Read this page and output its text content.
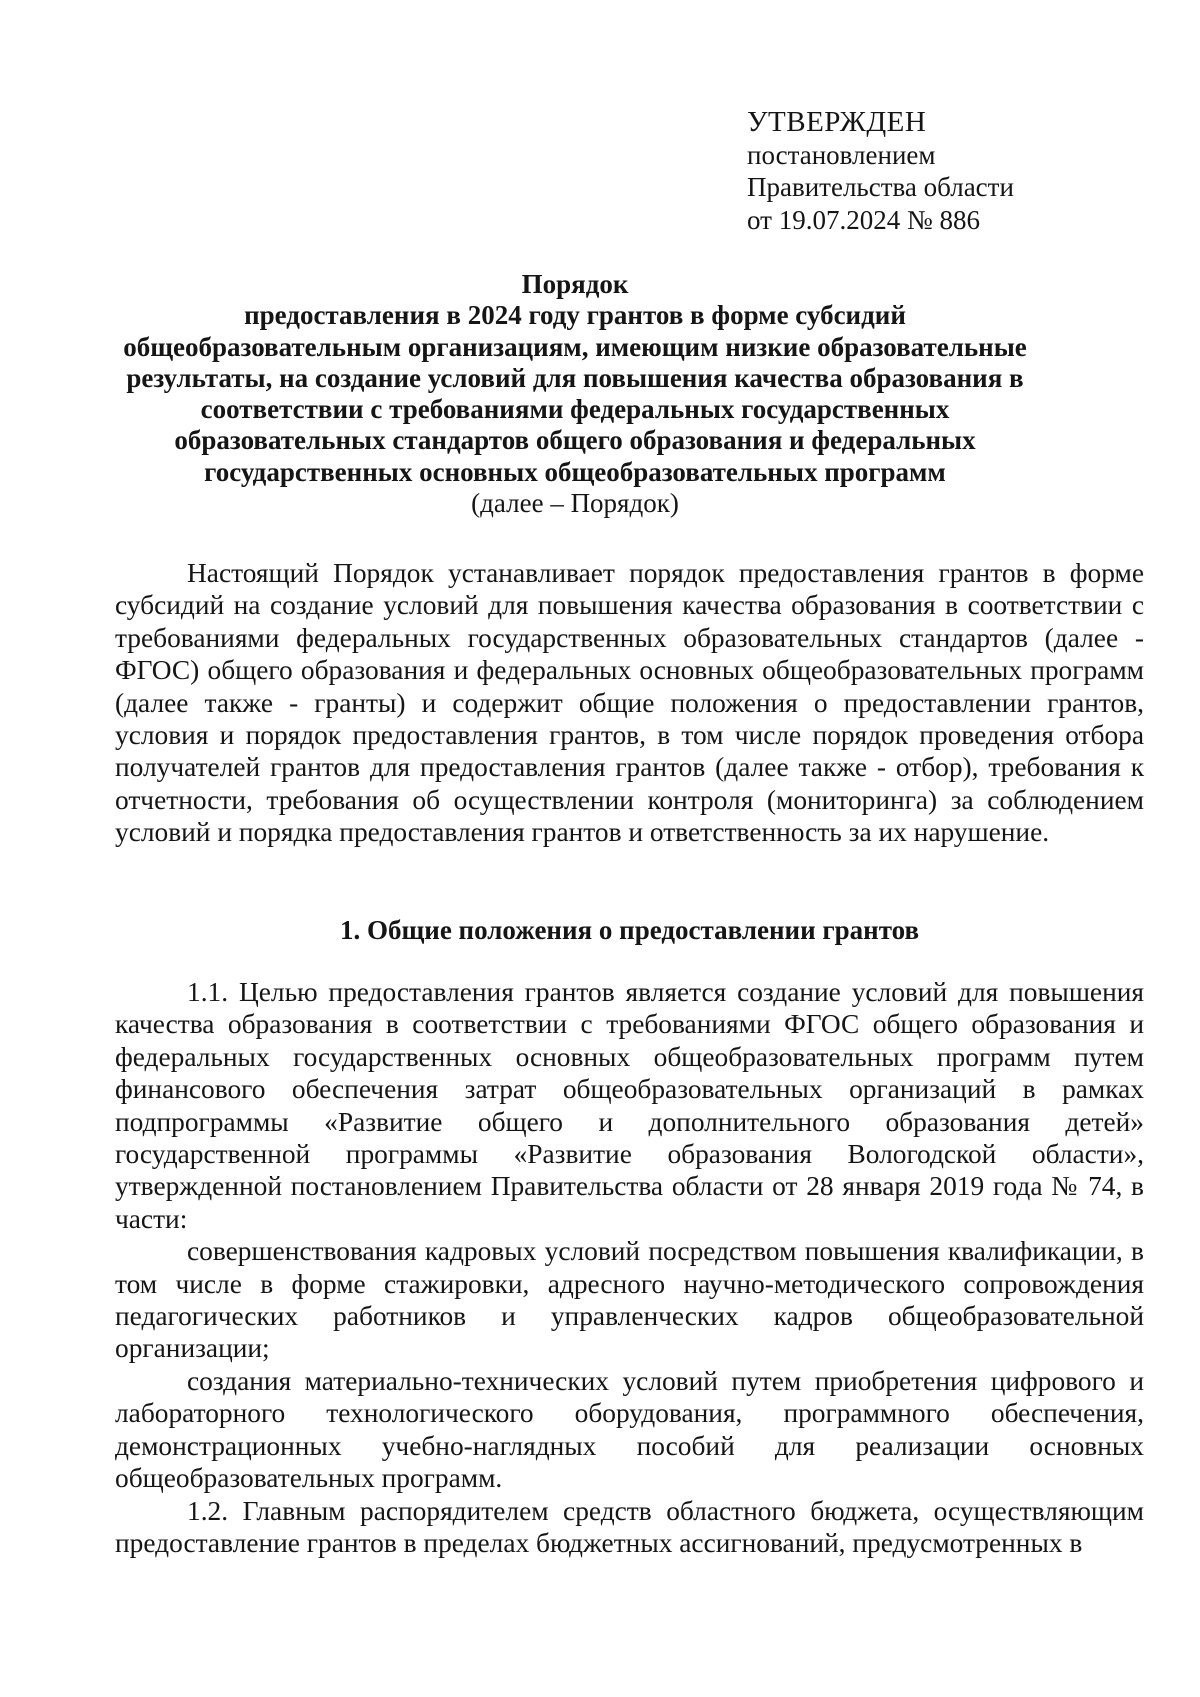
УТВЕРЖДЕН
постановлением
Правительства области
от 19.07.2024 № 886
Порядок
предоставления в 2024 году грантов в форме субсидий общеобразовательным организациям, имеющим низкие образовательные результаты, на создание условий для повышения качества образования в соответствии с требованиями федеральных государственных образовательных стандартов общего образования и федеральных государственных основных общеобразовательных программ
(далее – Порядок)

Настоящий Порядок устанавливает порядок предоставления грантов в форме субсидий на создание условий для повышения качества образования в соответствии с требованиями федеральных государственных образовательных стандартов (далее - ФГОС) общего образования и федеральных основных общеобразовательных программ (далее также - гранты) и содержит общие положения о предоставлении грантов, условия и порядок предоставления грантов, в том числе порядок проведения отбора получателей грантов для предоставления грантов (далее также - отбор), требования к отчетности, требования об осуществлении контроля (мониторинга) за соблюдением условий и порядка предоставления грантов и ответственность за их нарушение.

1. Общие положения о предоставлении грантов

1.1. Целью предоставления грантов является создание условий для повышения качества образования в соответствии с требованиями ФГОС общего образования и федеральных государственных основных общеобразовательных программ путем финансового обеспечения затрат общеобразовательных организаций в рамках подпрограммы «Развитие общего и дополнительного образования детей» государственной программы «Развитие образования Вологодской области», утвержденной постановлением Правительства области от 28 января 2019 года № 74, в части:

совершенствования кадровых условий посредством повышения квалификации, в том числе в форме стажировки, адресного научно-методического сопровождения педагогических работников и управленческих кадров общеобразовательной организации;

создания материально-технических условий путем приобретения цифрового и лабораторного технологического оборудования, программного обеспечения, демонстрационных учебно-наглядных пособий для реализации основных общеобразовательных программ.

1.2. Главным распорядителем средств областного бюджета, осуществляющим предоставление грантов в пределах бюджетных ассигнований, предусмотренных в
